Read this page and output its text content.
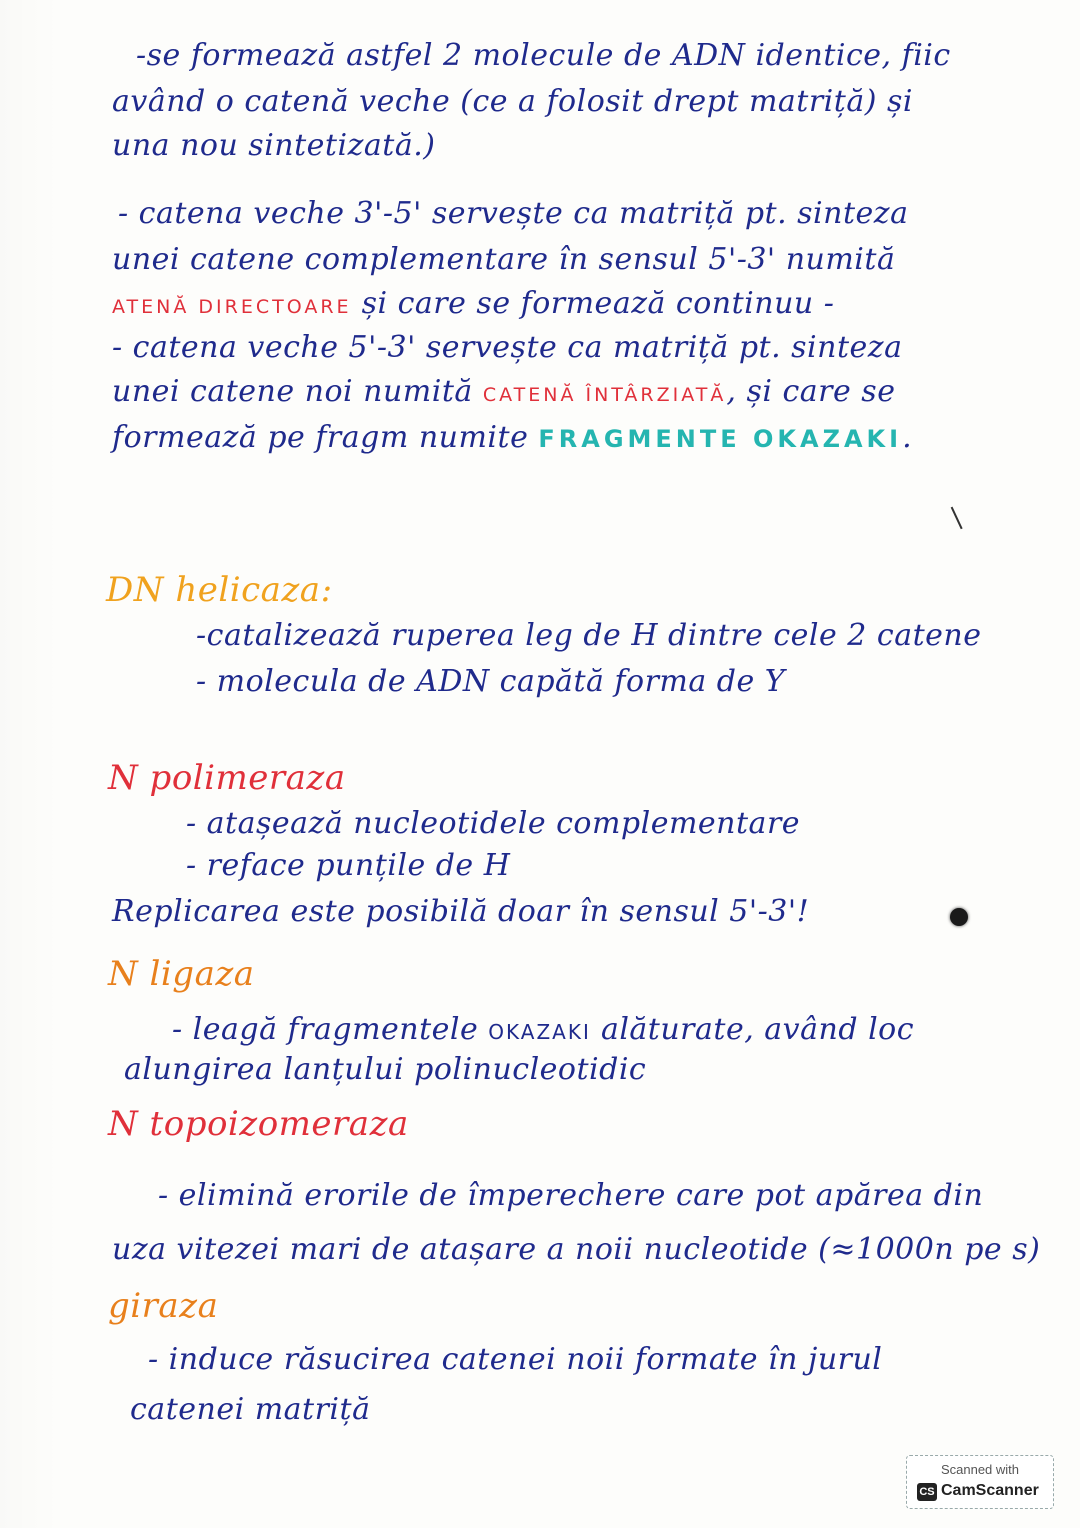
-se formează astfel 2 molecule de ADN identice, fiic
având o catenă veche (ce a folosit drept matriță) și
una nou sintetizată.)
- catena veche 3'-5' servește ca matriță pt. sinteza
unei catene complementare în sensul 5'-3' numită
ATENĂ DIRECTOARE și care se formează continuu -
- catena veche 5'-3' servește ca matriță pt. sinteza
unei catene noi numită CATENĂ ÎNTÂRZIATĂ, și care se
formează pe fragm numite FRAGMENTE OKAZAKI.
DN helicaza:
-catalizează ruperea leg de H dintre cele 2 catene
- molecula de ADN capătă forma de Y
N polimeraza
- atașează nucleotidele complementare
- reface punțile de H
Replicarea este posibilă doar în sensul 5'-3'!
N ligaza
- leagă fragmentele OKAZAKI alăturate, având loc
alungirea lanțului polinucleotidic
N topoizomeraza
- elimină erorile de împerechere care pot apărea din
uza vitezei mari de atașare a noii nucleotide (≈1000n pe s)
giraza
- induce răsucirea catenei noii formate în jurul
catenei matriță
Scanned with
CS CamScanner
